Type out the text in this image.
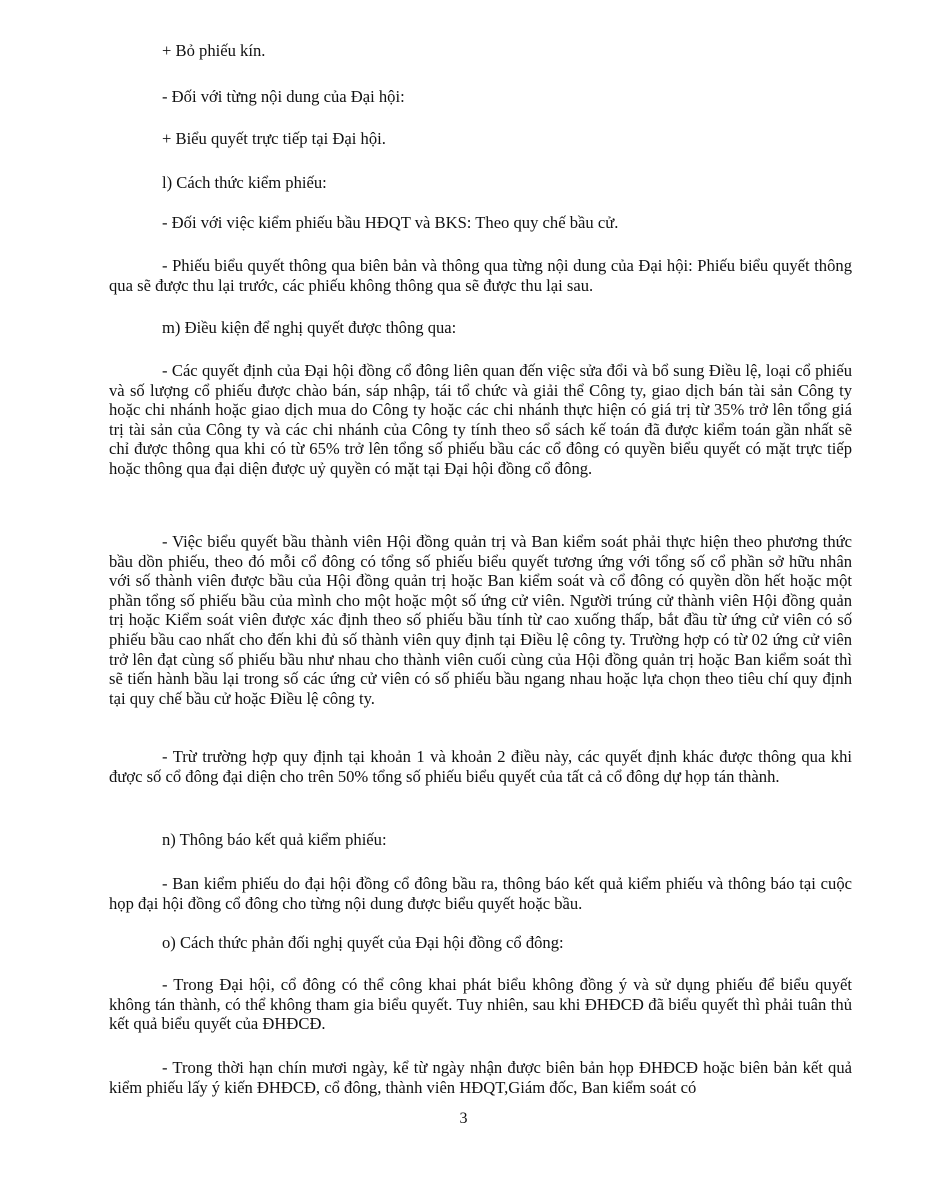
+ Bỏ phiếu kín.

- Đối với từng nội dung của Đại hội:

+ Biểu quyết trực tiếp tại Đại hội.

l) Cách thức kiểm phiếu:

- Đối với việc kiểm phiếu bầu HĐQT và BKS: Theo quy chế bầu cử.

- Phiếu biểu quyết thông qua biên bản và thông qua từng nội dung của Đại hội: Phiếu biểu quyết thông qua sẽ được thu lại trước, các phiếu không thông qua sẽ được thu lại sau.

m) Điều kiện để nghị quyết được thông qua:

- Các quyết định của Đại hội đồng cổ đông liên quan đến việc sửa đổi và bổ sung Điều lệ, loại cổ phiếu và số lượng cổ phiếu được chào bán, sáp nhập, tái tổ chức và giải thể Công ty, giao dịch bán tài sản Công ty hoặc chi nhánh hoặc giao dịch mua do Công ty hoặc các chi nhánh thực hiện có giá trị từ 35% trở lên tổng giá trị tài sản của Công ty và các chi nhánh của Công ty tính theo sổ sách kế toán đã được kiểm toán gần nhất sẽ chỉ được thông qua khi có từ 65% trở lên tổng số phiếu bầu các cổ đông có quyền biểu quyết có mặt trực tiếp hoặc thông qua đại diện được uỷ quyền có mặt tại Đại hội đồng cổ đông.

- Việc biểu quyết bầu thành viên Hội đồng quản trị và Ban kiểm soát phải thực hiện theo phương thức bầu dồn phiếu, theo đó mỗi cổ đông có tổng số phiếu biểu quyết tương ứng với tổng số cổ phần sở hữu nhân với số thành viên được bầu của Hội đồng quản trị hoặc Ban kiểm soát và cổ đông có quyền dồn hết hoặc một phần tổng số phiếu bầu của mình cho một hoặc một số ứng cử viên. Người trúng cử thành viên Hội đồng quản trị hoặc Kiểm soát viên được xác định theo số phiếu bầu tính từ cao xuống thấp, bắt đầu từ ứng cử viên có số phiếu bầu cao nhất cho đến khi đủ số thành viên quy định tại Điều lệ công ty. Trường hợp có từ 02 ứng cử viên trở lên đạt cùng số phiếu bầu như nhau cho thành viên cuối cùng của Hội đồng quản trị hoặc Ban kiểm soát thì sẽ tiến hành bầu lại trong số các ứng cử viên có số phiếu bầu ngang nhau hoặc lựa chọn theo tiêu chí quy định tại quy chế bầu cử hoặc Điều lệ công ty.

- Trừ trường hợp quy định tại khoản 1 và khoản 2 điều này, các quyết định khác được thông qua khi được số cổ đông đại diện cho trên 50% tổng số phiếu biểu quyết của tất cả cổ đông dự họp tán thành.

n) Thông báo kết quả kiểm phiếu:

- Ban kiểm phiếu do đại hội đồng cổ đông bầu ra, thông báo kết quả kiểm phiếu và thông báo tại cuộc họp đại hội đồng cổ đông cho từng nội dung được biểu quyết hoặc bầu.

o) Cách thức phản đối nghị quyết của Đại hội đồng cổ đông:

- Trong Đại hội, cổ đông có thể công khai phát biểu không đồng ý và sử dụng phiếu để biểu quyết không tán thành, có thể không tham gia biểu quyết. Tuy nhiên, sau khi ĐHĐCĐ đã biểu quyết thì phải tuân thủ kết quả biểu quyết của ĐHĐCĐ.

- Trong thời hạn chín mươi ngày, kể từ ngày nhận được biên bản họp ĐHĐCĐ hoặc biên bản kết quả kiểm phiếu lấy ý kiến ĐHĐCĐ, cổ đông, thành viên HĐQT,Giám đốc, Ban kiểm soát có

3
